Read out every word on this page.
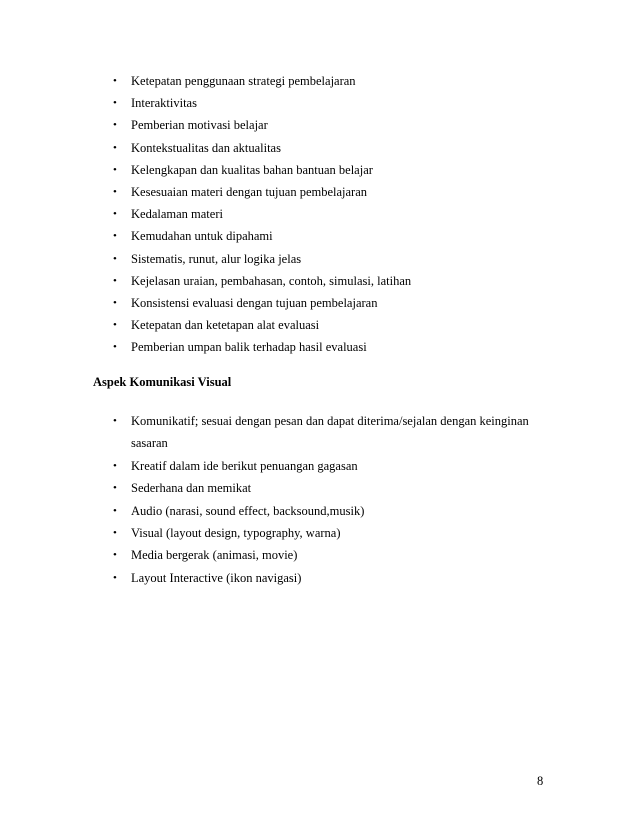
• Ketepatan penggunaan strategi pembelajaran
• Interaktivitas
• Pemberian motivasi belajar
• Kontekstualitas dan aktualitas
• Kelengkapan dan kualitas bahan bantuan belajar
• Kesesuaian materi dengan tujuan pembelajaran
• Kedalaman materi
• Kemudahan untuk dipahami
• Sistematis, runut, alur logika jelas
• Kejelasan uraian, pembahasan, contoh, simulasi, latihan
• Konsistensi evaluasi dengan tujuan pembelajaran
• Ketepatan dan ketetapan alat evaluasi
• Pemberian umpan balik terhadap hasil evaluasi
Aspek Komunikasi Visual
• Komunikatif; sesuai dengan pesan dan dapat diterima/sejalan dengan keinginan
sasaran
• Kreatif dalam ide berikut penuangan gagasan
• Sederhana dan memikat
• Audio (narasi, sound effect, backsound,musik)
• Visual (layout design, typography, warna)
• Media bergerak (animasi, movie)
• Layout Interactive (ikon navigasi)
8
